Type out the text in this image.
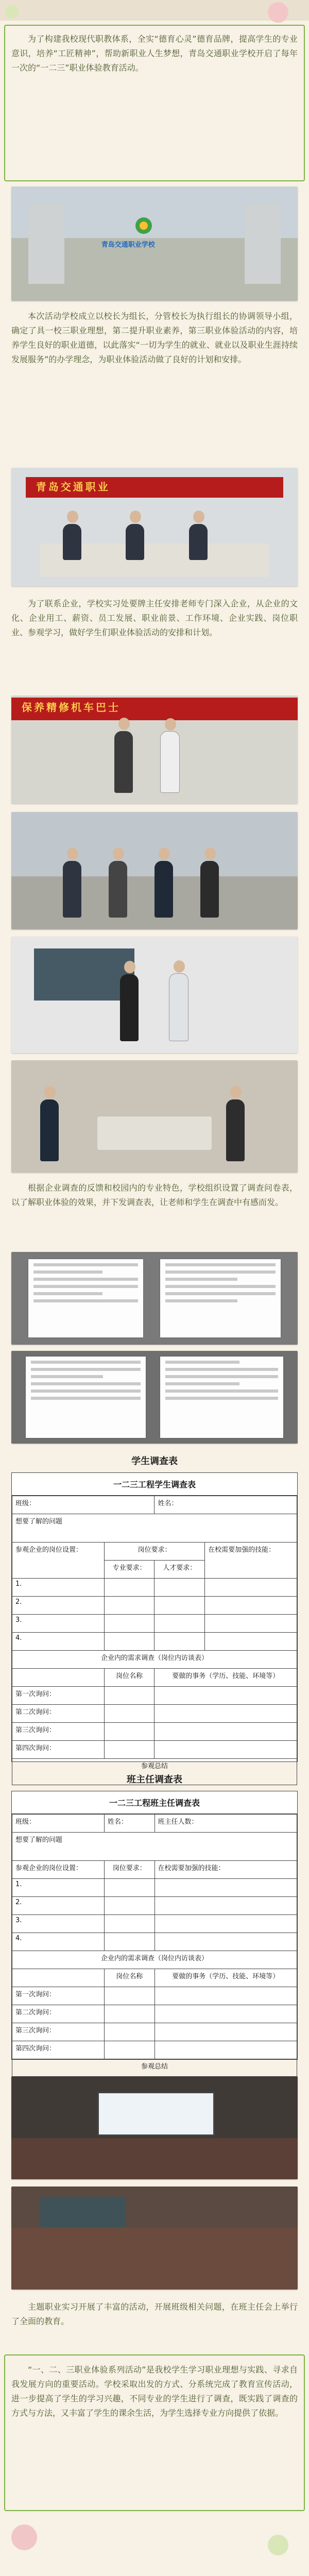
为了构建我校现代职教体系，全实“德育心灵”德育品牌，提高学生的专业意识，培养“工匠精神”，帮助新职业人生梦想，青岛交通职业学校开启了每年一次的“一二三”职业体验教育活动。

青岛交通职业学校

本次活动学校成立以校长为组长，分管校长为执行组长的协调领导小组，确定了具一校三职业理想，第二提升职业素养，第三职业体验活动的内容，培养学生良好的职业道德，以此落实“一切为学生的就业、就业以及职业生涯持续发展服务”的办学理念，为职业体验活动做了良好的计划和安排。

青岛交通职业

为了联系企业，学校实习处要牌主任安排老师专门深入企业，从企业的文化、企业用工、薪资、员工发展、职业前景、工作环境、企业实践、岗位职业、参观学习，做好学生们职业体验活动的安排和计划。

保养精修机车巴士

根据企业调查的反馈和校园内的专业特色，学校组织设置了调查问卷表，以了解职业体验的效果，并下发调查表，让老师和学生在调查中有感而发。

学生调查表
一二三工程学生调查表
班级：		姓名：	
想要了解的问题			
参观企业的岗位设置：	岗位要求：		在校需要加强的技能：
	专业要求：	人才要求：	
1.			
2.			
3.			
4.			
企业内的需求调查（岗位内访谈表）			
	岗位名称	要做的事务（学历、技能、环境等）	
第一次询问：			
第二次询问：			
第三次询问：			
第四次询问：			
参观总结			
班主任调查表
一二三工程班主任调查表
班级：	姓名：	班主任人数：
想要了解的问题		
参观企业的岗位设置：	岗位要求：	在校需要加强的技能：
1.		
2.		
3.		
4.		
企业内的需求调查（岗位内访谈表）		
	岗位名称	要做的事务（学历、技能、环境等）
第一次询问：		
第二次询问：		
第三次询问：		
第四次询问：		
参观总结		

主题职业实习开展了丰富的活动，开展班级相关问题，在班主任会上举行了全面的教育。

“一、二、三职业体验系列活动”是我校学生学习职业理想与实践、寻求自我发展方向的重要活动。学校采取出发的方式、分系统完成了教育宣传活动，进一步提高了学生的学习兴趣，不同专业的学生进行了调查，既实践了调查的方式与方法，又丰富了学生的课余生活，为学生选择专业方向提供了依据。
